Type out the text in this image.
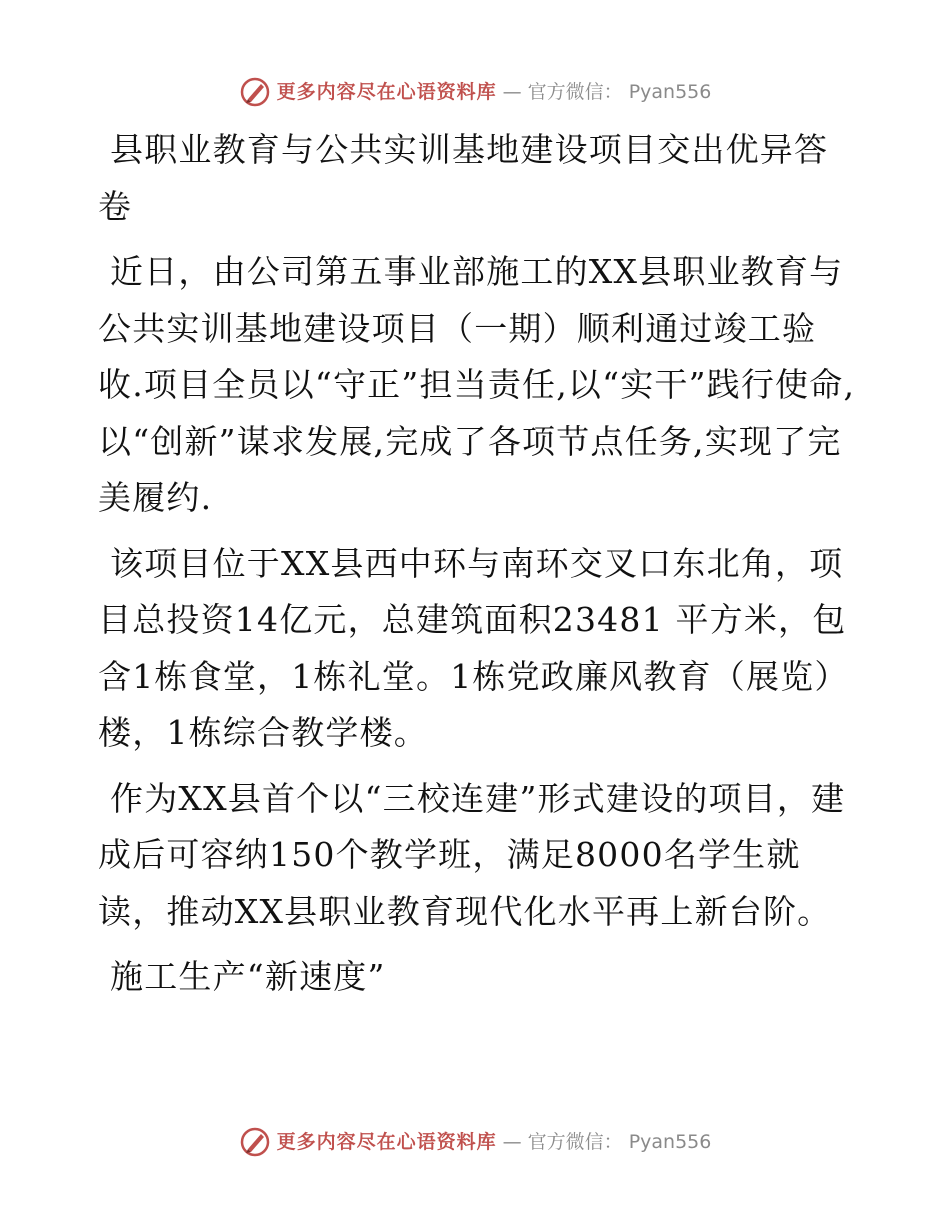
更多内容尽在心语资料库 — 官方微信： Pyan556

县职业教育与公共实训基地建设项目交出优异答卷

近日，由公司第五事业部施工的XX县职业教育与公共实训基地建设项目（一期）顺利通过竣工验收.项目全员以“守正”担当责任,以“实干”践行使命,以“创新”谋求发展,完成了各项节点任务,实现了完美履约.

该项目位于XX县西中环与南环交叉口东北角，项目总投资14亿元，总建筑面积23481 平方米，包含1栋食堂，1栋礼堂。1栋党政廉风教育（展览）楼，1栋综合教学楼。

作为XX县首个以“三校连建”形式建设的项目，建成后可容纳150个教学班，满足8000名学生就读，推动XX县职业教育现代化水平再上新台阶。

施工生产“新速度”

更多内容尽在心语资料库 — 官方微信： Pyan556
